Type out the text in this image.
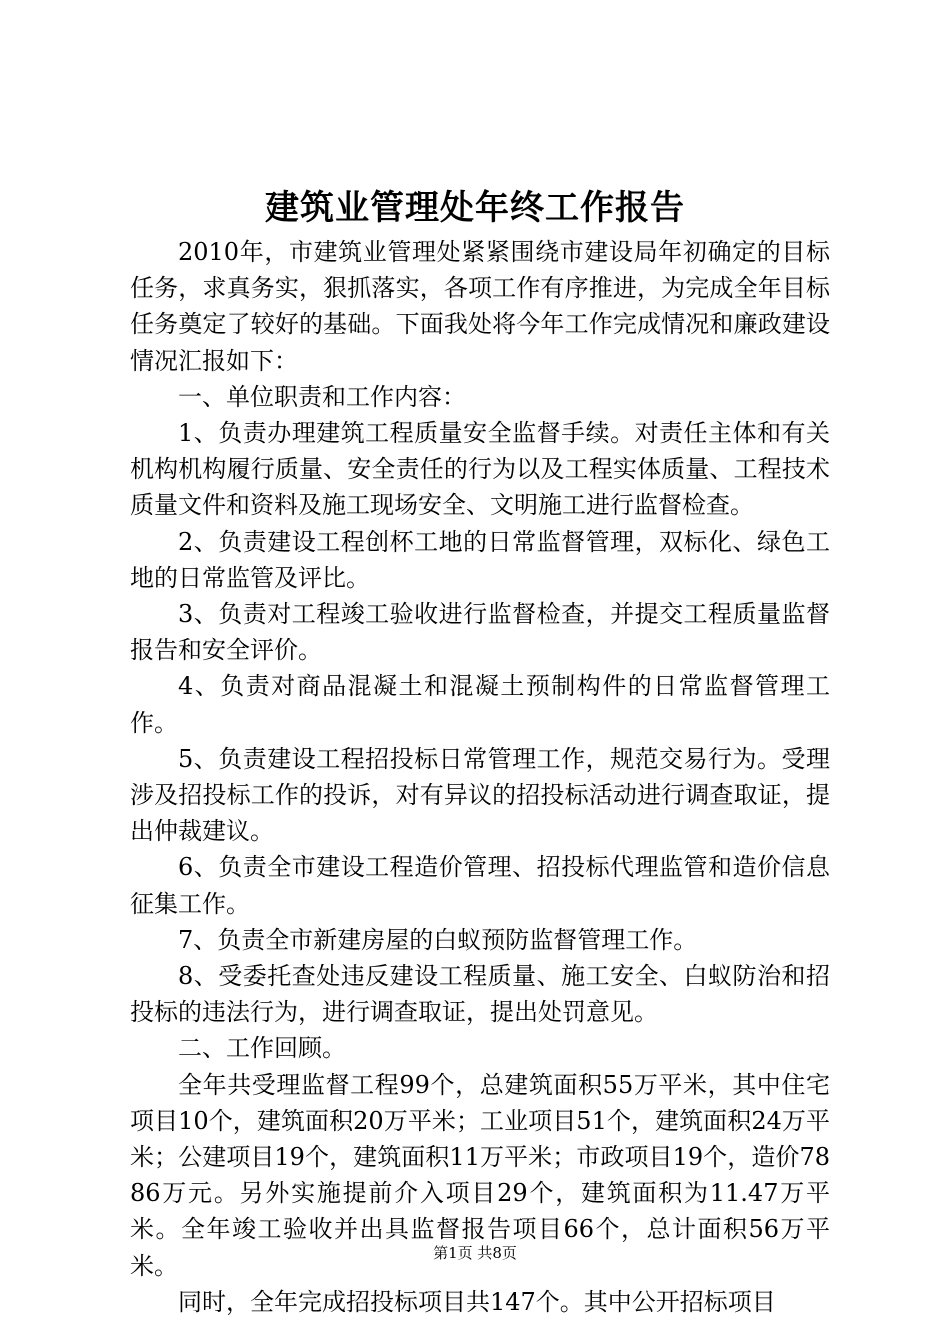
建筑业管理处年终工作报告

2010年，市建筑业管理处紧紧围绕市建设局年初确定的目标任务，求真务实，狠抓落实，各项工作有序推进，为完成全年目标任务奠定了较好的基础。下面我处将今年工作完成情况和廉政建设情况汇报如下：

一、单位职责和工作内容：

1、负责办理建筑工程质量安全监督手续。对责任主体和有关机构机构履行质量、安全责任的行为以及工程实体质量、工程技术质量文件和资料及施工现场安全、文明施工进行监督检查。

2、负责建设工程创杯工地的日常监督管理，双标化、绿色工地的日常监管及评比。

3、负责对工程竣工验收进行监督检查，并提交工程质量监督报告和安全评价。

4、负责对商品混凝土和混凝土预制构件的日常监督管理工作。

5、负责建设工程招投标日常管理工作，规范交易行为。受理涉及招投标工作的投诉，对有异议的招投标活动进行调查取证，提出仲裁建议。

6、负责全市建设工程造价管理、招投标代理监管和造价信息征集工作。

7、负责全市新建房屋的白蚁预防监督管理工作。

8、受委托查处违反建设工程质量、施工安全、白蚁防治和招投标的违法行为，进行调查取证，提出处罚意见。

二、工作回顾。

全年共受理监督工程99个，总建筑面积55万平米，其中住宅项目10个，建筑面积20万平米；工业项目51个，建筑面积24万平米；公建项目19个，建筑面积11万平米；市政项目19个，造价7886万元。另外实施提前介入项目29个，建筑面积为11.47万平米。全年竣工验收并出具监督报告项目66个，总计面积56万平米。

同时，全年完成招投标项目共147个。其中公开招标项目

第1页 共8页
